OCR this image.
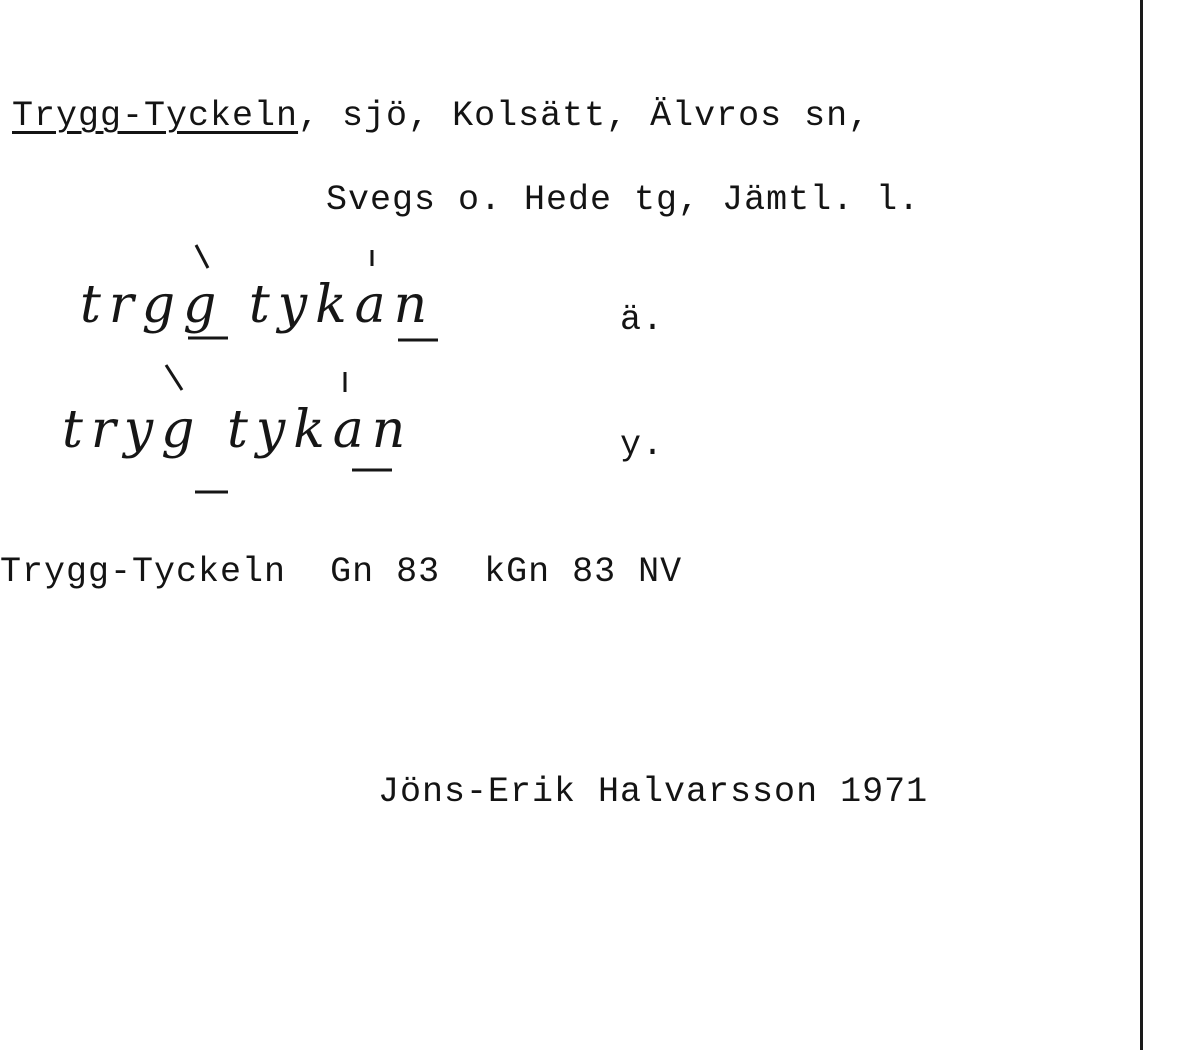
Trygg-Tyckeln, sjö, Kolsätt, Älvros sn,
Svegs o. Hede tg, Jämtl. l.
trgg tykan	ä.
tryg tykan	y.
Trygg-Tyckeln Gn 83 kGn 83 NV
Jöns-Erik Halvarsson 1971
